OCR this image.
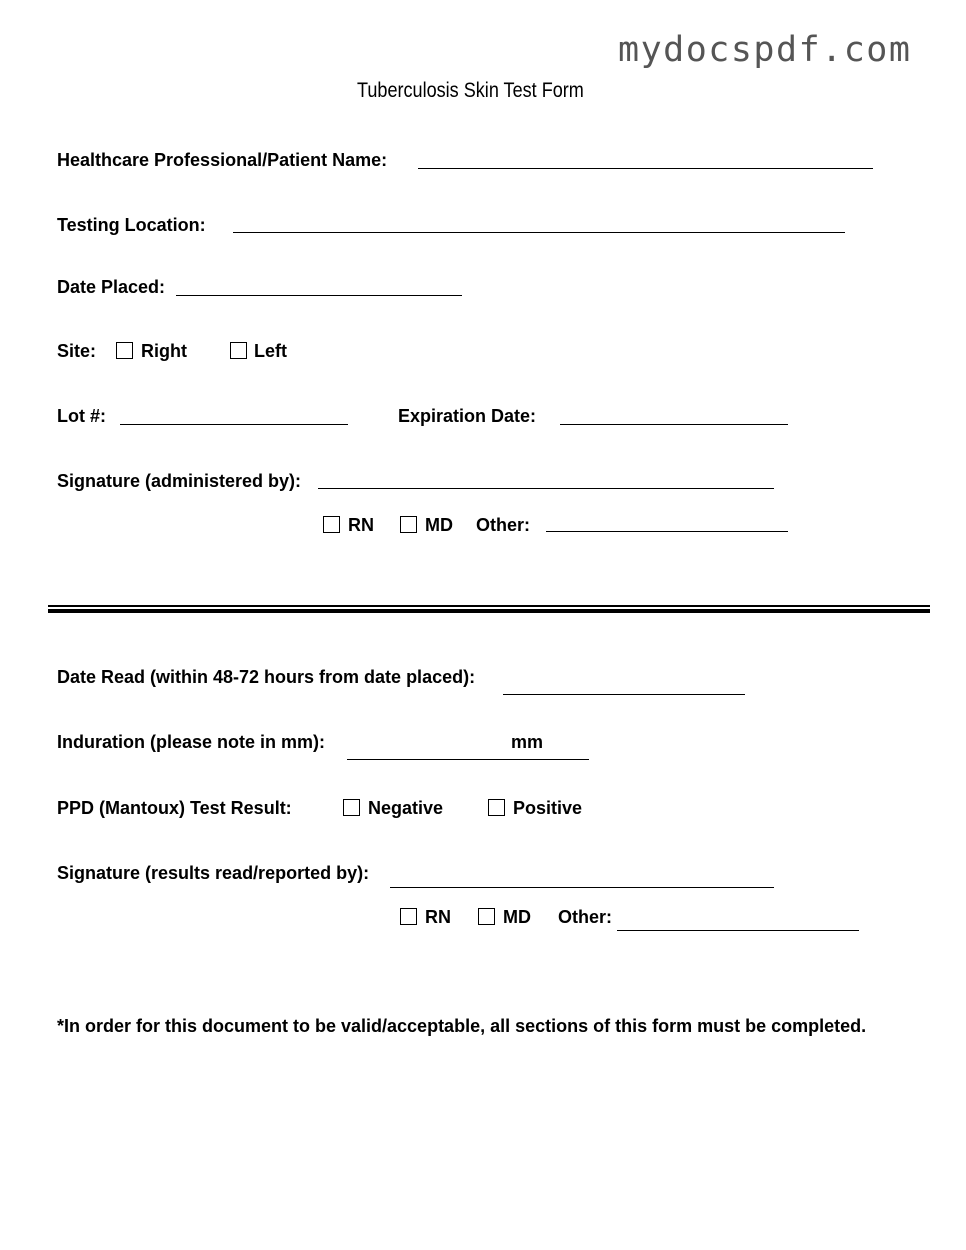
mydocspdf.com
Tuberculosis Skin Test Form
Healthcare Professional/Patient Name:
Testing Location:
Date Placed:
Site: Right	Left
Lot #:	Expiration Date:
Signature (administered by):
RN	MD Other:
Date Read (within 48-72 hours from date placed):
Induration (please note in mm):	mm
PPD (Mantoux) Test Result:	Negative	Positive
Signature (results read/reported by):
RN	MD Other:
*In order for this document to be valid/acceptable, all sections of this form must be completed.
